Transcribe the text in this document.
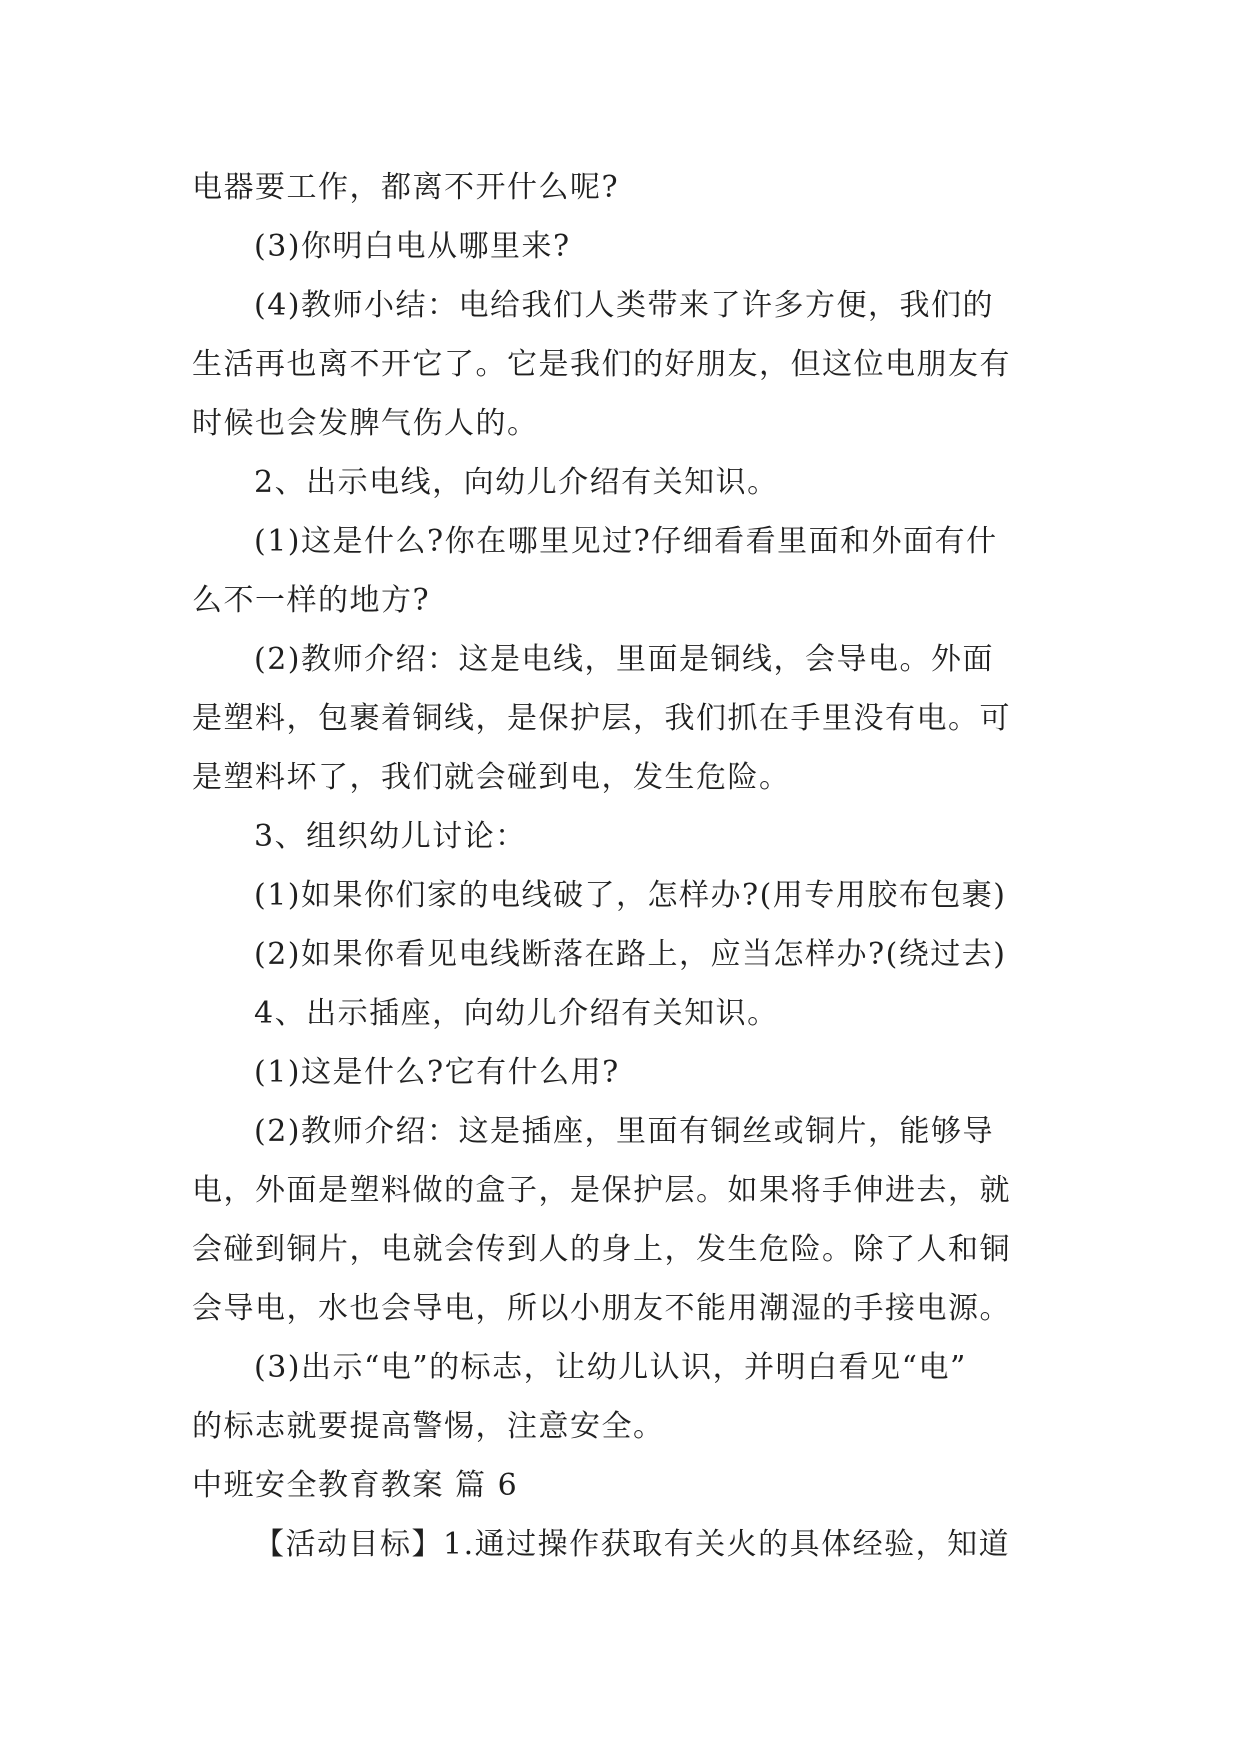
电器要工作，都离不开什么呢?

(3)你明白电从哪里来?

(4)教师小结：电给我们人类带来了许多方便，我们的

生活再也离不开它了。它是我们的好朋友，但这位电朋友有

时候也会发脾气伤人的。

2、出示电线，向幼儿介绍有关知识。

(1)这是什么?你在哪里见过?仔细看看里面和外面有什

么不一样的地方?

(2)教师介绍：这是电线，里面是铜线，会导电。外面

是塑料，包裹着铜线，是保护层，我们抓在手里没有电。可

是塑料坏了，我们就会碰到电，发生危险。

3、组织幼儿讨论：

(1)如果你们家的电线破了，怎样办?(用专用胶布包裹)

(2)如果你看见电线断落在路上，应当怎样办?(绕过去)

4、出示插座，向幼儿介绍有关知识。

(1)这是什么?它有什么用?

(2)教师介绍：这是插座，里面有铜丝或铜片，能够导

电，外面是塑料做的盒子，是保护层。如果将手伸进去，就

会碰到铜片，电就会传到人的身上，发生危险。除了人和铜

会导电，水也会导电，所以小朋友不能用潮湿的手接电源。

(3)出示“电”的标志，让幼儿认识，并明白看见“电”

的标志就要提高警惕，注意安全。

中班安全教育教案 篇 6

【活动目标】1.通过操作获取有关火的具体经验，知道
